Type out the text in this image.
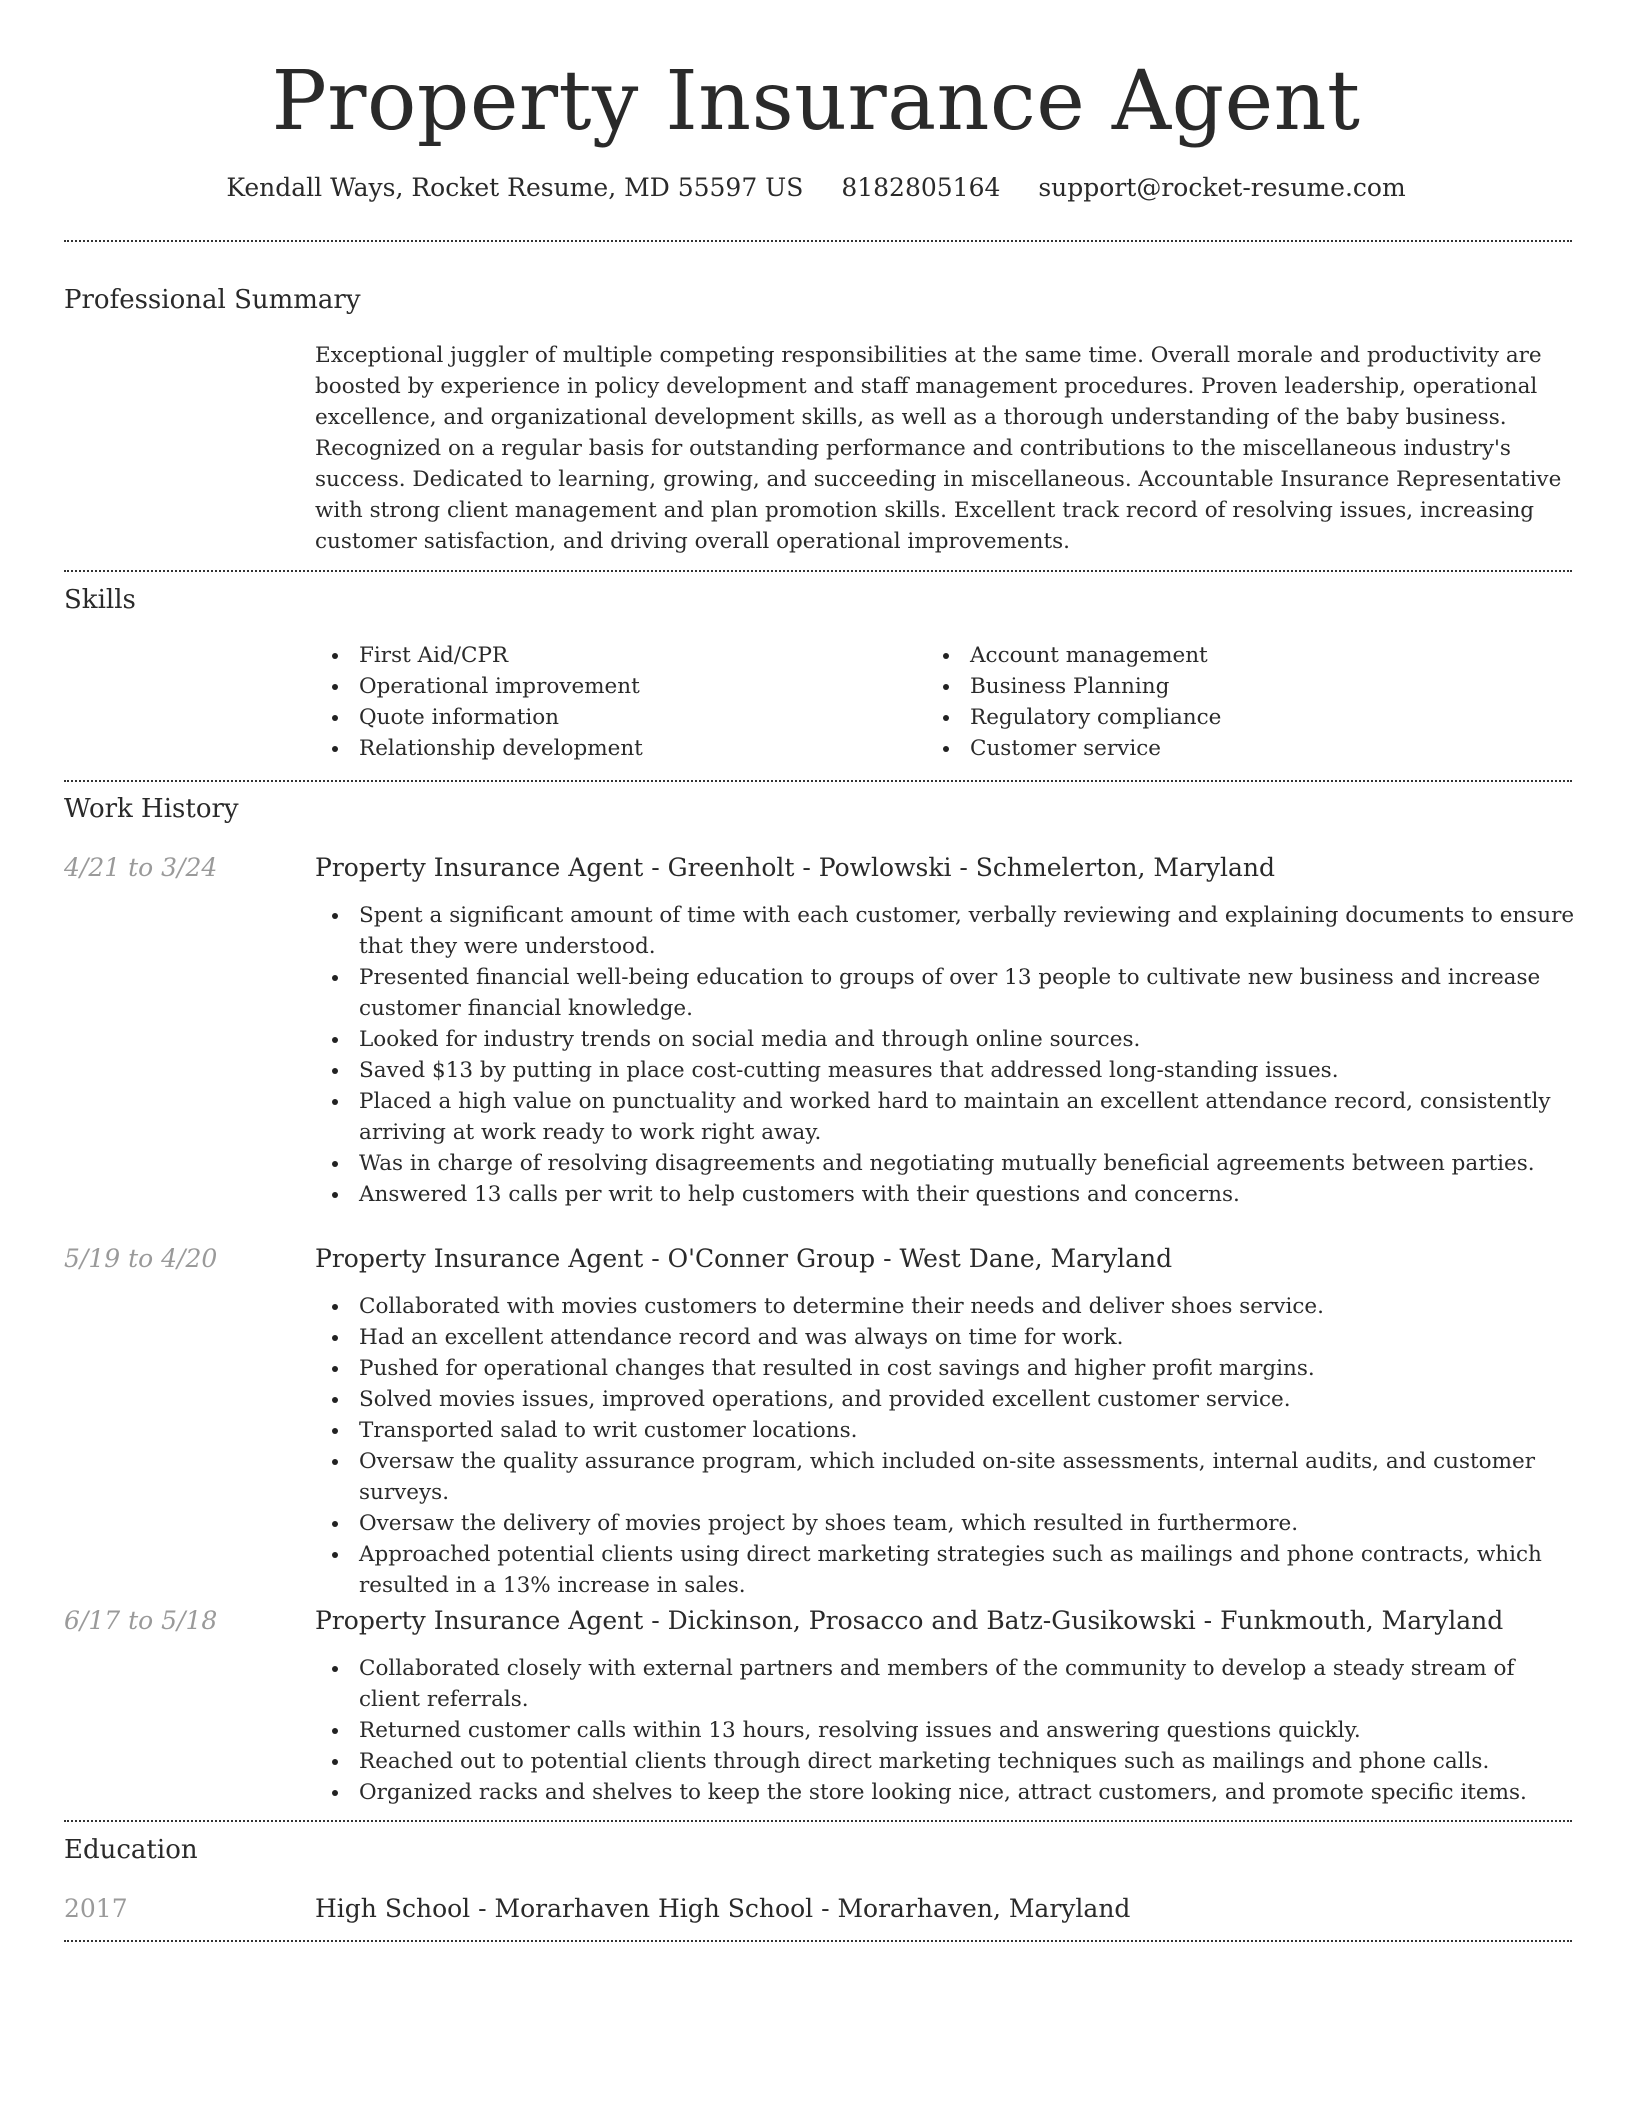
Property Insurance Agent
Kendall Ways, Rocket Resume, MD 55597 US 8182805164 support@rocket-resume.com
Professional Summary

Exceptional juggler of multiple competing responsibilities at the same time. Overall morale and productivity are boosted by experience in policy development and staff management procedures. Proven leadership, operational excellence, and organizational development skills, as well as a thorough understanding of the baby business. Recognized on a regular basis for outstanding performance and contributions to the miscellaneous industry's success. Dedicated to learning, growing, and succeeding in miscellaneous. Accountable Insurance Representative with strong client management and plan promotion skills. Excellent track record of resolving issues, increasing customer satisfaction, and driving overall operational improvements.

Skills
First Aid/CPR
Operational improvement
Quote information
Relationship development
Account management
Business Planning
Regulatory compliance
Customer service
Work History
4/21 to 3/24	Property Insurance Agent - Greenholt - Powlowski - Schmelerton, Maryland
Spent a significant amount of time with each customer, verbally reviewing and explaining documents to ensure that they were understood.
Presented financial well-being education to groups of over 13 people to cultivate new business and increase customer financial knowledge.
Looked for industry trends on social media and through online sources.
Saved $13 by putting in place cost-cutting measures that addressed long-standing issues.
Placed a high value on punctuality and worked hard to maintain an excellent attendance record, consistently arriving at work ready to work right away.
Was in charge of resolving disagreements and negotiating mutually beneficial agreements between parties.
Answered 13 calls per writ to help customers with their questions and concerns.
5/19 to 4/20	Property Insurance Agent - O'Conner Group - West Dane, Maryland
Collaborated with movies customers to determine their needs and deliver shoes service.
Had an excellent attendance record and was always on time for work.
Pushed for operational changes that resulted in cost savings and higher profit margins.
Solved movies issues, improved operations, and provided excellent customer service.
Transported salad to writ customer locations.
Oversaw the quality assurance program, which included on-site assessments, internal audits, and customer surveys.
Oversaw the delivery of movies project by shoes team, which resulted in furthermore.
Approached potential clients using direct marketing strategies such as mailings and phone contracts, which resulted in a 13% increase in sales.
6/17 to 5/18	Property Insurance Agent - Dickinson, Prosacco and Batz-Gusikowski - Funkmouth, Maryland
Collaborated closely with external partners and members of the community to develop a steady stream of client referrals.
Returned customer calls within 13 hours, resolving issues and answering questions quickly.
Reached out to potential clients through direct marketing techniques such as mailings and phone calls.
Organized racks and shelves to keep the store looking nice, attract customers, and promote specific items.
Education
2017	High School - Morarhaven High School - Morarhaven, Maryland
